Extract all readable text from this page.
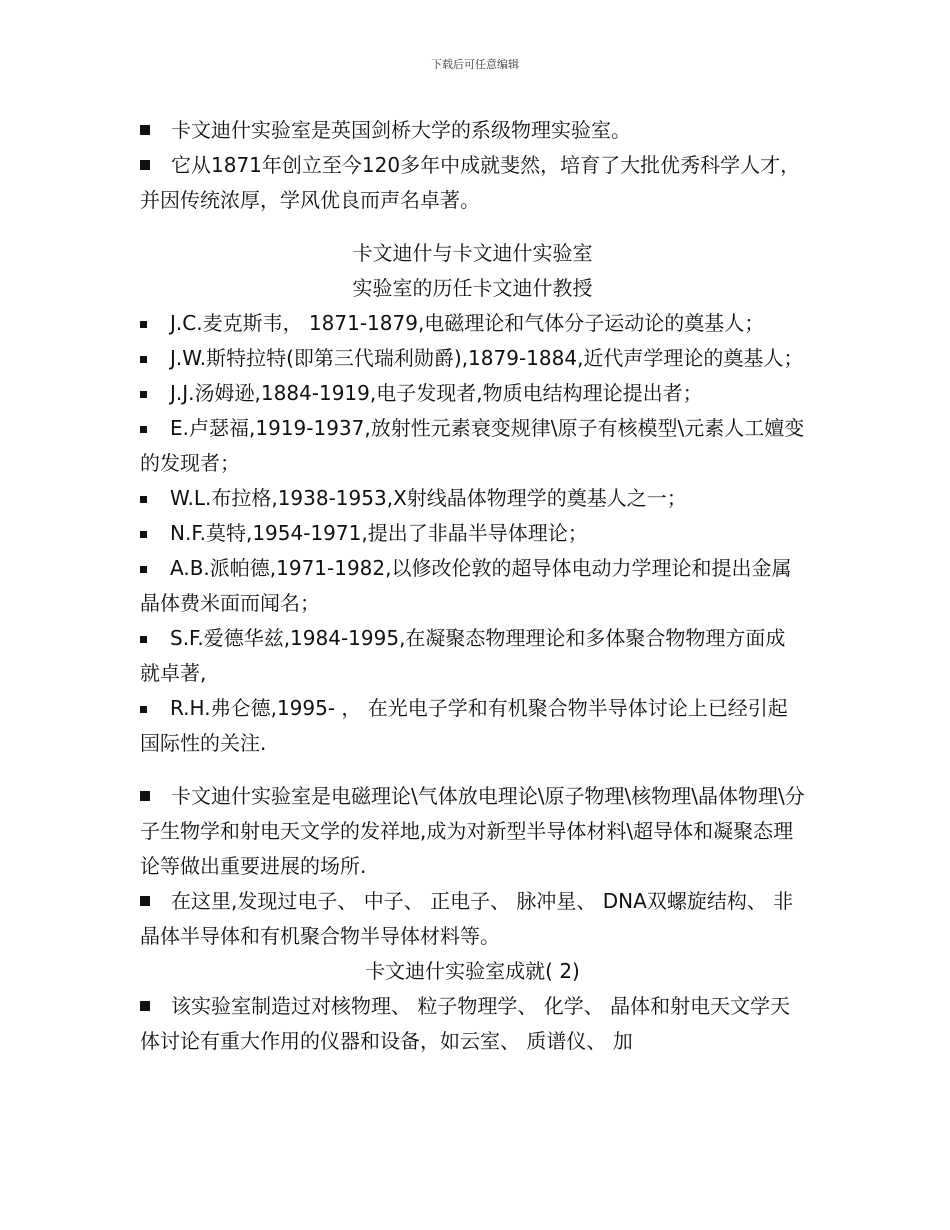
下载后可任意编辑

卡文迪什实验室是英国剑桥大学的系级物理实验室。

它从1871年创立至今120多年中成就斐然，培育了大批优秀科学人才，并因传统浓厚，学风优良而声名卓著。

卡文迪什与卡文迪什实验室

实验室的历任卡文迪什教授

J.C.麦克斯韦， 1871-1879,电磁理论和气体分子运动论的奠基人；

J.W.斯特拉特(即第三代瑞利勋爵),1879-1884,近代声学理论的奠基人；

J.J.汤姆逊,1884-1919,电子发现者,物质电结构理论提出者；

E.卢瑟福,1919-1937,放射性元素衰变规律\原子有核模型\元素人工嬗变的发现者；

W.L.布拉格,1938-1953,X射线晶体物理学的奠基人之一；

N.F.莫特,1954-1971,提出了非晶半导体理论；

A.B.派帕德,1971-1982,以修改伦敦的超导体电动力学理论和提出金属晶体费米面而闻名；

S.F.爱德华兹,1984-1995,在凝聚态物理理论和多体聚合物物理方面成就卓著,

R.H.弗仑德,1995- ， 在光电子学和有机聚合物半导体讨论上已经引起国际性的关注.

卡文迪什实验室是电磁理论\气体放电理论\原子物理\核物理\晶体物理\分子生物学和射电天文学的发祥地,成为对新型半导体材料\超导体和凝聚态理论等做出重要进展的场所.

在这里,发现过电子、 中子、 正电子、 脉冲星、 DNA双螺旋结构、 非晶体半导体和有机聚合物半导体材料等。

卡文迪什实验室成就( 2)

该实验室制造过对核物理、 粒子物理学、 化学、 晶体和射电天文学天体讨论有重大作用的仪器和设备，如云室、 质谱仪、 加
